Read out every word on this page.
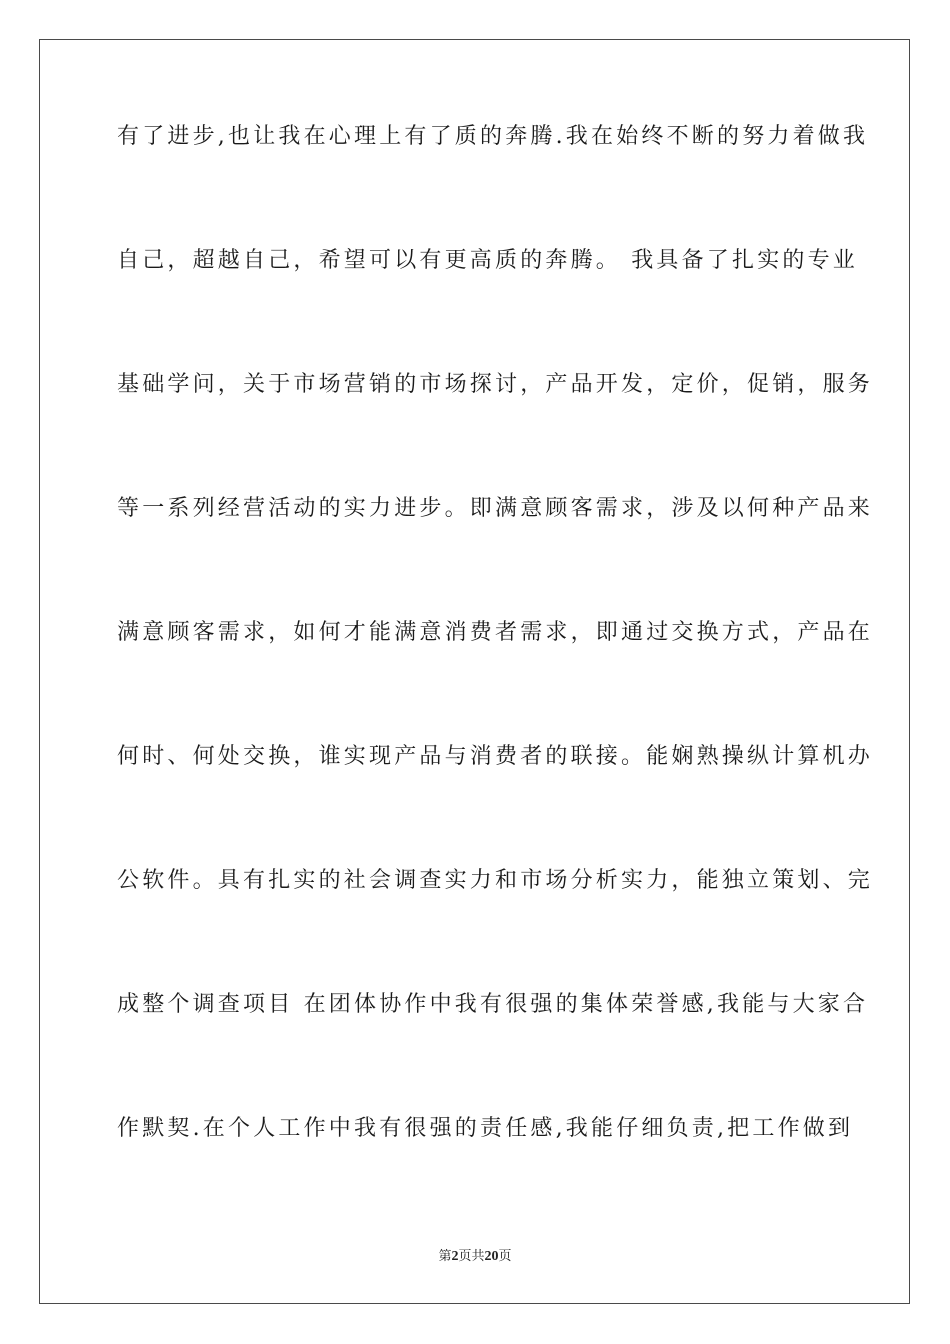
有了进步,也让我在心理上有了质的奔腾.我在始终不断的努力着做我
自己，超越自己，希望可以有更高质的奔腾。 我具备了扎实的专业
基础学问，关于市场营销的市场探讨，产品开发，定价，促销，服务
等一系列经营活动的实力进步。即满意顾客需求，涉及以何种产品来
满意顾客需求，如何才能满意消费者需求，即通过交换方式，产品在
何时、何处交换，谁实现产品与消费者的联接。能娴熟操纵计算机办
公软件。具有扎实的社会调查实力和市场分析实力，能独立策划、完
成整个调查项目 在团体协作中我有很强的集体荣誉感,我能与大家合
作默契.在个人工作中我有很强的责任感,我能仔细负责,把工作做到
第2页共20页
